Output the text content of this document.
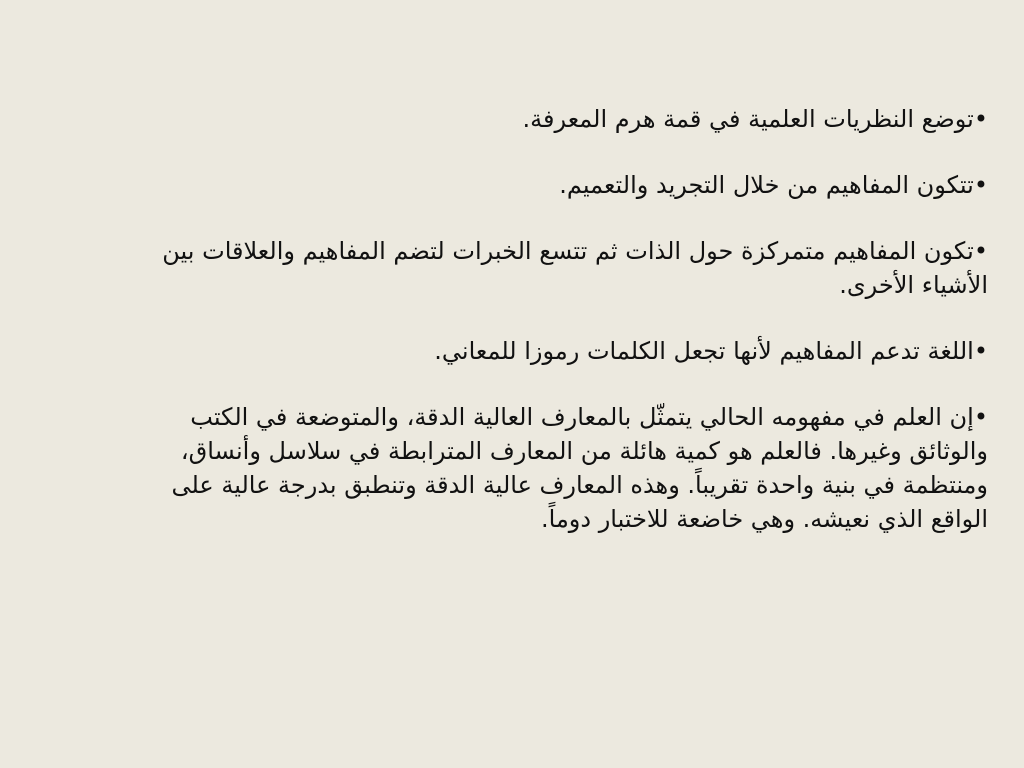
•توضع النظريات العلمية في قمة هرم المعرفة.

•تتكون المفاهيم من خلال التجريد والتعميم.

•تكون المفاهيم متمركزة حول الذات ثم تتسع الخبرات لتضم المفاهيم والعلاقات بين الأشياء الأخرى.

•اللغة تدعم المفاهيم لأنها تجعل الكلمات رموزا للمعاني.

•إن العلم في مفهومه الحالي يتمثّل بالمعارف العالية الدقة، والمتوضعة في الكتب والوثائق وغيرها. فالعلم هو كمية هائلة من المعارف المترابطة في سلاسل وأنساق، ومنتظمة في بنية واحدة تقريباً. وهذه المعارف عالية الدقة وتنطبق بدرجة عالية على الواقع الذي نعيشه. وهي خاضعة للاختبار دوماً.
